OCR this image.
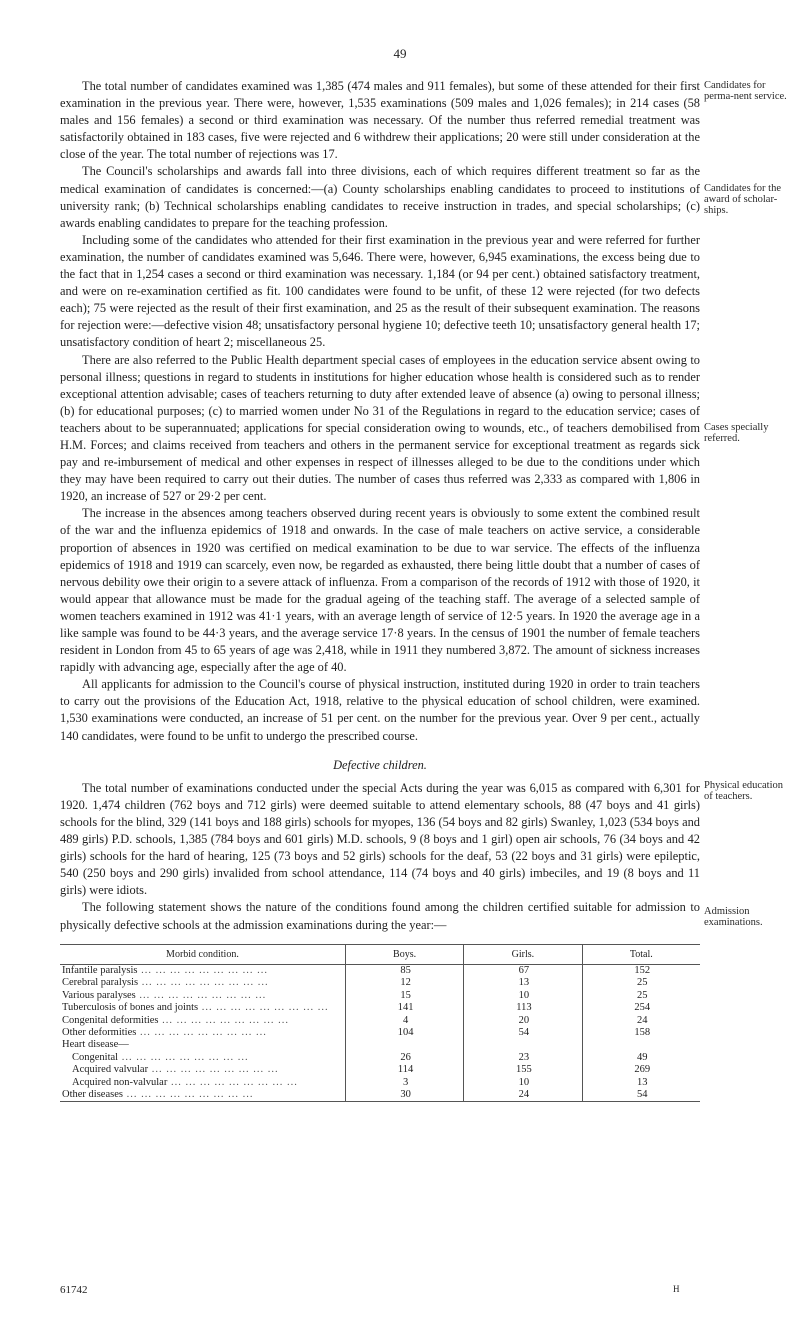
49
Candidates for perma-nent service.
Candidates for the award of scholar-ships.
Cases specially referred.
Physical education of teachers.
Admission examinations.

The total number of candidates examined was 1,385 (474 males and 911 females), but some of these attended for their first examination in the previous year. There were, however, 1,535 examinations (509 males and 1,026 females); in 214 cases (58 males and 156 females) a second or third examination was necessary. Of the number thus referred remedial treatment was satisfactorily obtained in 183 cases, five were rejected and 6 withdrew their applications; 20 were still under consideration at the close of the year. The total number of rejections was 17.

The Council's scholarships and awards fall into three divisions, each of which requires different treatment so far as the medical examination of candidates is concerned:—(a) County scholarships enabling candidates to proceed to institutions of university rank; (b) Technical scholarships enabling candidates to receive instruction in trades, and special scholarships; (c) awards enabling candidates to prepare for the teaching profession.

Including some of the candidates who attended for their first examination in the previous year and were referred for further examination, the number of candidates examined was 5,646. There were, however, 6,945 examinations, the excess being due to the fact that in 1,254 cases a second or third examination was necessary. 1,184 (or 94 per cent.) obtained satisfactory treatment, and were on re-examination certified as fit. 100 candidates were found to be unfit, of these 12 were rejected (for two defects each); 75 were rejected as the result of their first examination, and 25 as the result of their subsequent examination. The reasons for rejection were:—defective vision 48; unsatisfactory personal hygiene 10; defective teeth 10; unsatisfactory general health 17; unsatisfactory condition of heart 2; miscellaneous 25.

There are also referred to the Public Health department special cases of employees in the education service absent owing to personal illness; questions in regard to students in institutions for higher education whose health is considered such as to render exceptional attention advisable; cases of teachers returning to duty after extended leave of absence (a) owing to personal illness; (b) for educational purposes; (c) to married women under No 31 of the Regulations in regard to the education service; cases of teachers about to be superannuated; applications for special consideration owing to wounds, etc., of teachers demobilised from H.M. Forces; and claims received from teachers and others in the permanent service for exceptional treatment as regards sick pay and re-imbursement of medical and other expenses in respect of illnesses alleged to be due to the conditions under which they may have been required to carry out their duties. The number of cases thus referred was 2,333 as compared with 1,806 in 1920, an increase of 527 or 29·2 per cent.

The increase in the absences among teachers observed during recent years is obviously to some extent the combined result of the war and the influenza epidemics of 1918 and onwards. In the case of male teachers on active service, a considerable proportion of absences in 1920 was certified on medical examination to be due to war service. The effects of the influenza epidemics of 1918 and 1919 can scarcely, even now, be regarded as exhausted, there being little doubt that a number of cases of nervous debility owe their origin to a severe attack of influenza. From a comparison of the records of 1912 with those of 1920, it would appear that allowance must be made for the gradual ageing of the teaching staff. The average of a selected sample of women teachers examined in 1912 was 41·1 years, with an average length of service of 12·5 years. In 1920 the average age in a like sample was found to be 44·3 years, and the average service 17·8 years. In the census of 1901 the number of female teachers resident in London from 45 to 65 years of age was 2,418, while in 1911 they numbered 3,872. The amount of sickness increases rapidly with advancing age, especially after the age of 40.

All applicants for admission to the Council's course of physical instruction, instituted during 1920 in order to train teachers to carry out the provisions of the Education Act, 1918, relative to the physical education of school children, were examined. 1,530 examinations were conducted, an increase of 51 per cent. on the number for the previous year. Over 9 per cent., actually 140 candidates, were found to be unfit to undergo the prescribed course.

Defective children.

The total number of examinations conducted under the special Acts during the year was 6,015 as compared with 6,301 for 1920. 1,474 children (762 boys and 712 girls) were deemed suitable to attend elementary schools, 88 (47 boys and 41 girls) schools for the blind, 329 (141 boys and 188 girls) schools for myopes, 136 (54 boys and 82 girls) Swanley, 1,023 (534 boys and 489 girls) P.D. schools, 1,385 (784 boys and 601 girls) M.D. schools, 9 (8 boys and 1 girl) open air schools, 76 (34 boys and 42 girls) schools for the hard of hearing, 125 (73 boys and 52 girls) schools for the deaf, 53 (22 boys and 31 girls) were epileptic, 540 (250 boys and 290 girls) invalided from school attendance, 114 (74 boys and 40 girls) imbeciles, and 19 (8 boys and 11 girls) were idiots.

The following statement shows the nature of the conditions found among the children certified suitable for admission to physically defective schools at the admission examinations during the year:—

Morbid condition.	Boys.	Girls.	Total.
Infantile paralysis ... ... ... ... ... ... ... ... ...	85	67	152
Cerebral paralysis ... ... ... ... ... ... ... ... ...	12	13	25
Various paralyses ... ... ... ... ... ... ... ... ...	15	10	25
Tuberculosis of bones and joints ... ... ... ... ... ... ... ... ...	141	113	254
Congenital deformities ... ... ... ... ... ... ... ... ...	4	20	24
Other deformities ... ... ... ... ... ... ... ... ...	104	54	158
Heart disease—			
Congenital ... ... ... ... ... ... ... ... ...	26	23	49
Acquired valvular ... ... ... ... ... ... ... ... ...	114	155	269
Acquired non-valvular ... ... ... ... ... ... ... ... ...	3	10	13
Other diseases ... ... ... ... ... ... ... ... ...	30	24	54
61742	H
